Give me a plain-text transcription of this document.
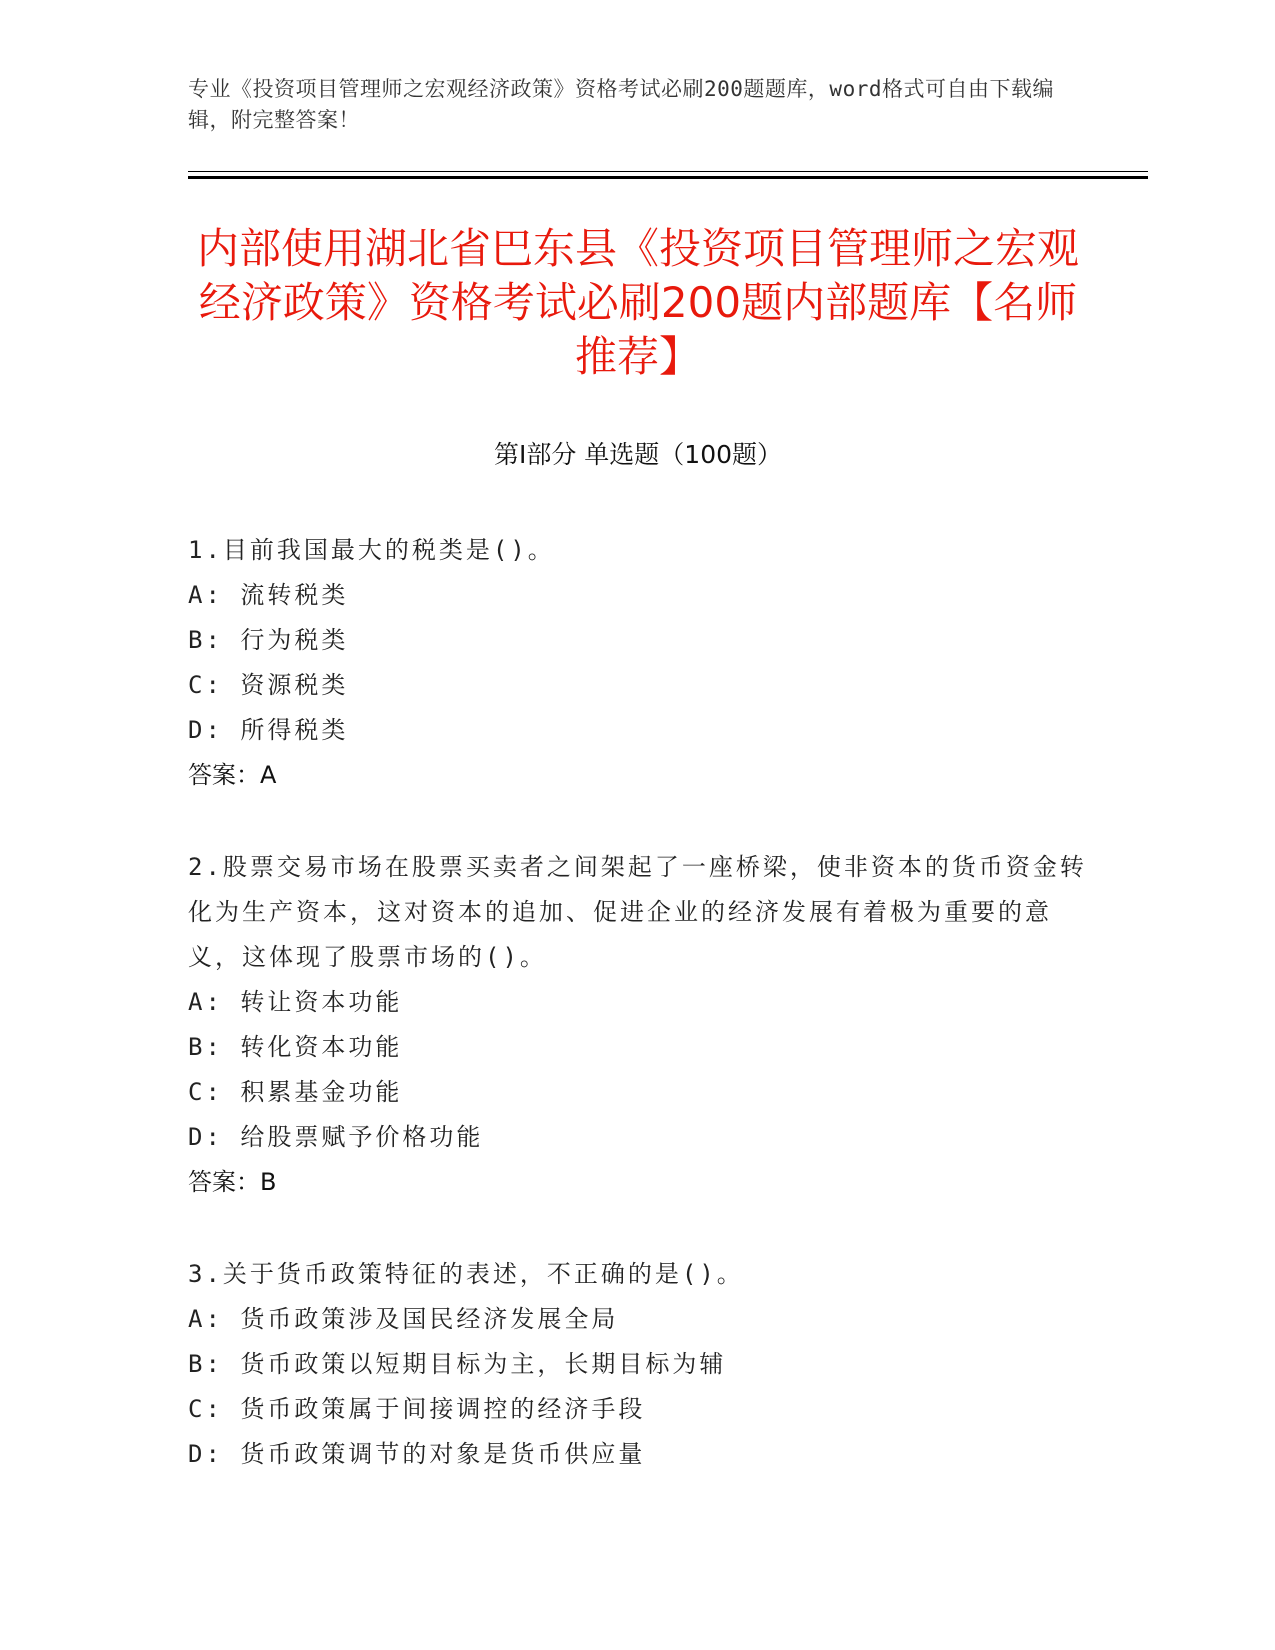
专业《投资项目管理师之宏观经济政策》资格考试必刷200题题库，word格式可自由下载编辑，附完整答案！
内部使用湖北省巴东县《投资项目管理师之宏观经济政策》资格考试必刷200题内部题库【名师推荐】
第I部分 单选题（100题）

1.目前我国最大的税类是()。

A: 流转税类

B: 行为税类

C: 资源税类

D: 所得税类

答案：A

2.股票交易市场在股票买卖者之间架起了一座桥梁，使非资本的货币资金转化为生产资本，这对资本的追加、促进企业的经济发展有着极为重要的意义，这体现了股票市场的()。

A: 转让资本功能

B: 转化资本功能

C: 积累基金功能

D: 给股票赋予价格功能

答案：B

3.关于货币政策特征的表述，不正确的是()。

A: 货币政策涉及国民经济发展全局

B: 货币政策以短期目标为主，长期目标为辅

C: 货币政策属于间接调控的经济手段

D: 货币政策调节的对象是货币供应量
